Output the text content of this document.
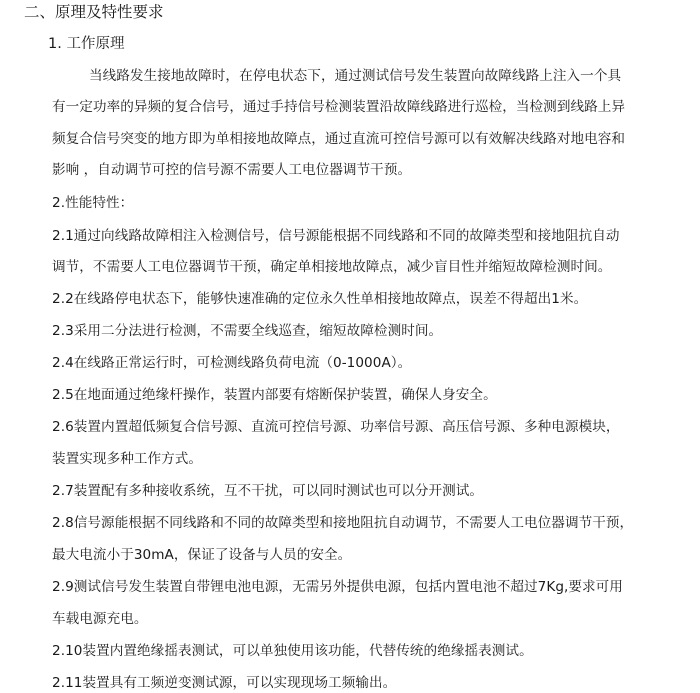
二、原理及特性要求
1. 工作原理
当线路发生接地故障时，在停电状态下，通过测试信号发生装置向故障线路上注入一个具
有一定功率的异频的复合信号，通过手持信号检测装置沿故障线路进行巡检，当检测到线路上异
频复合信号突变的地方即为单相接地故障点，通过直流可控信号源可以有效解决线路对地电容和
影响 ，自动调节可控的信号源不需要人工电位器调节干预。
2.性能特性：
2.1通过向线路故障相注入检测信号，信号源能根据不同线路和不同的故障类型和接地阻抗自动
调节，不需要人工电位器调节干预，确定单相接地故障点，减少盲目性并缩短故障检测时间。
2.2在线路停电状态下，能够快速准确的定位永久性单相接地故障点，误差不得超出1米。
2.3采用二分法进行检测，不需要全线巡查，缩短故障检测时间。
2.4在线路正常运行时，可检测线路负荷电流（0-1000A）。
2.5在地面通过绝缘杆操作，装置内部要有熔断保护装置，确保人身安全。
2.6装置内置超低频复合信号源、直流可控信号源、功率信号源、高压信号源、多种电源模块，
装置实现多种工作方式。
2.7装置配有多种接收系统，互不干扰，可以同时测试也可以分开测试。
2.8信号源能根据不同线路和不同的故障类型和接地阻抗自动调节，不需要人工电位器调节干预，
最大电流小于30mA，保证了设备与人员的安全。
2.9测试信号发生装置自带锂电池电源，无需另外提供电源，包括内置电池不超过7Kg,要求可用
车载电源充电。
2.10装置内置绝缘摇表测试，可以单独使用该功能，代替传统的绝缘摇表测试。
2.11装置具有工频逆变测试源，可以实现现场工频输出。
